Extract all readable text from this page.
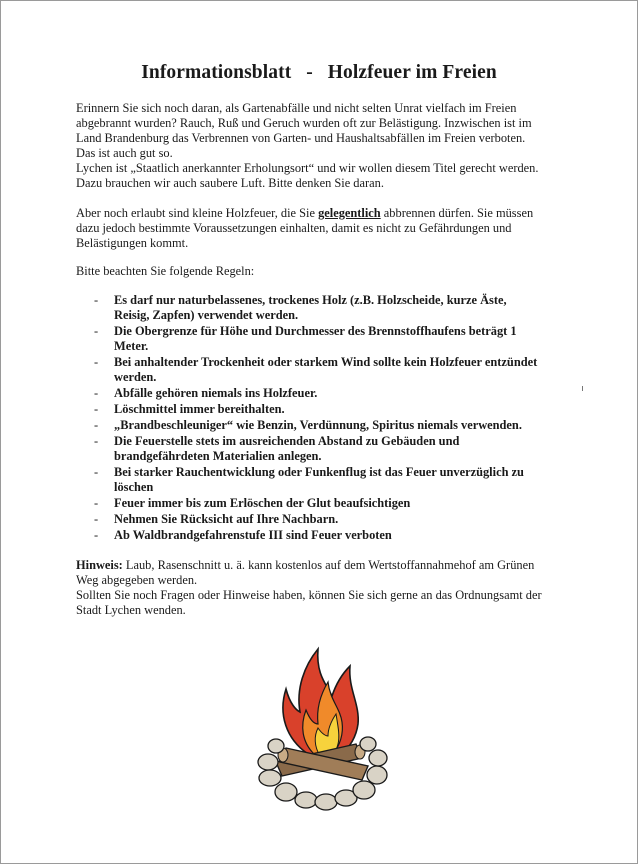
Informationsblatt   -   Holzfeuer im Freien

Erinnern Sie sich noch daran, als Gartenabfälle und nicht selten Unrat vielfach im Freien

abgebrannt wurden? Rauch, Ruß und Geruch wurden oft zur Belästigung. Inzwischen ist im

Land Brandenburg das Verbrennen von Garten- und Haushaltsabfällen im Freien verboten.

Das ist auch gut so.

Lychen ist „Staatlich anerkannter Erholungsort“ und wir wollen diesem Titel gerecht werden.

Dazu brauchen wir auch saubere Luft. Bitte denken Sie daran.

Aber noch erlaubt sind kleine Holzfeuer, die Sie gelegentlich abbrennen dürfen. Sie müssen

dazu jedoch bestimmte Voraussetzungen einhalten, damit es nicht zu Gefährdungen und

Belästigungen kommt.

Bitte beachten Sie folgende Regeln:
- Es darf nur naturbelassenes, trockenes Holz (z.B. Holzscheide, kurze Äste,
Reisig, Zapfen) verwendet werden.
- Die Obergrenze für Höhe und Durchmesser des Brennstoffhaufens beträgt 1
Meter.
- Bei anhaltender Trockenheit oder starkem Wind sollte kein Holzfeuer entzündet
werden.
- Abfälle gehören niemals ins Holzfeuer.
- Löschmittel immer bereithalten.
- „Brandbeschleuniger“ wie Benzin, Verdünnung, Spiritus niemals verwenden.
- Die Feuerstelle stets im ausreichenden Abstand zu Gebäuden und
brandgefährdeten Materialien anlegen.
- Bei starker Rauchentwicklung oder Funkenflug ist das Feuer unverzüglich zu
löschen
- Feuer immer bis zum Erlöschen der Glut beaufsichtigen
- Nehmen Sie Rücksicht auf Ihre Nachbarn.
- Ab Waldbrandgefahrenstufe III sind Feuer verboten

Hinweis: Laub, Rasenschnitt u. ä. kann kostenlos auf dem Wertstoffannahmehof am Grünen

Weg abgegeben werden.

Sollten Sie noch Fragen oder Hinweise haben, können Sie sich gerne an das Ordnungsamt der

Stadt Lychen wenden.
